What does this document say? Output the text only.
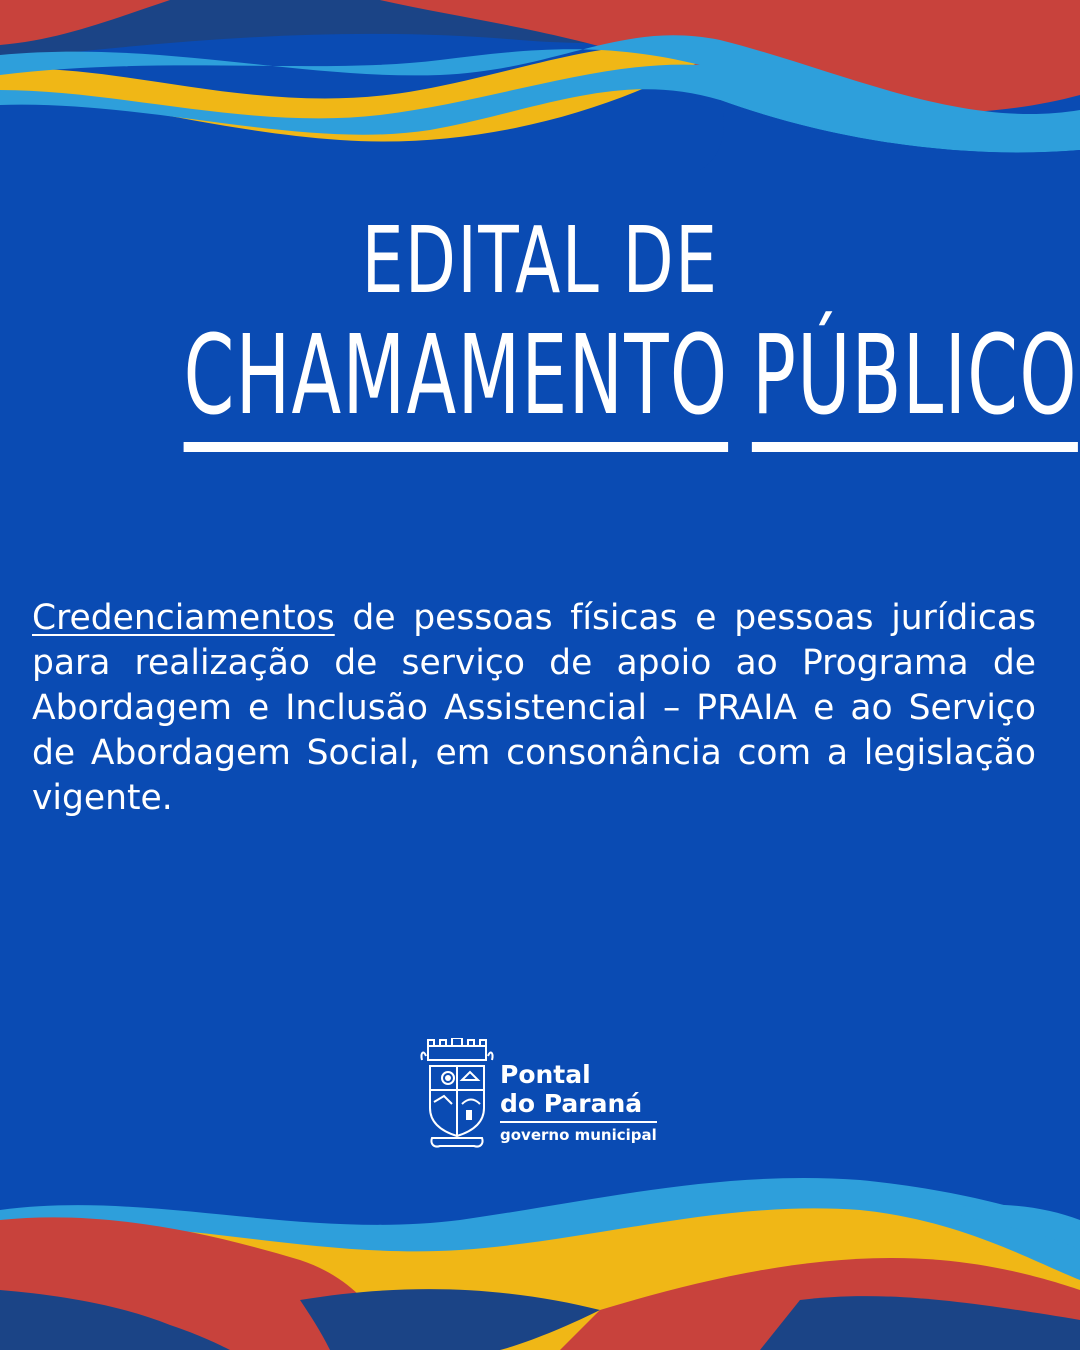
EDITAL DE
CHAMAMENTO PÚBLICO
Credenciamentos de pessoas físicas e pessoas jurídicas para realização de serviço de apoio ao Programa de Abordagem e Inclusão Assistencial – PRAIA e ao Serviço de Abordagem Social, em consonância com a legislação vigente.
Pontal
do Paraná
governo municipal
